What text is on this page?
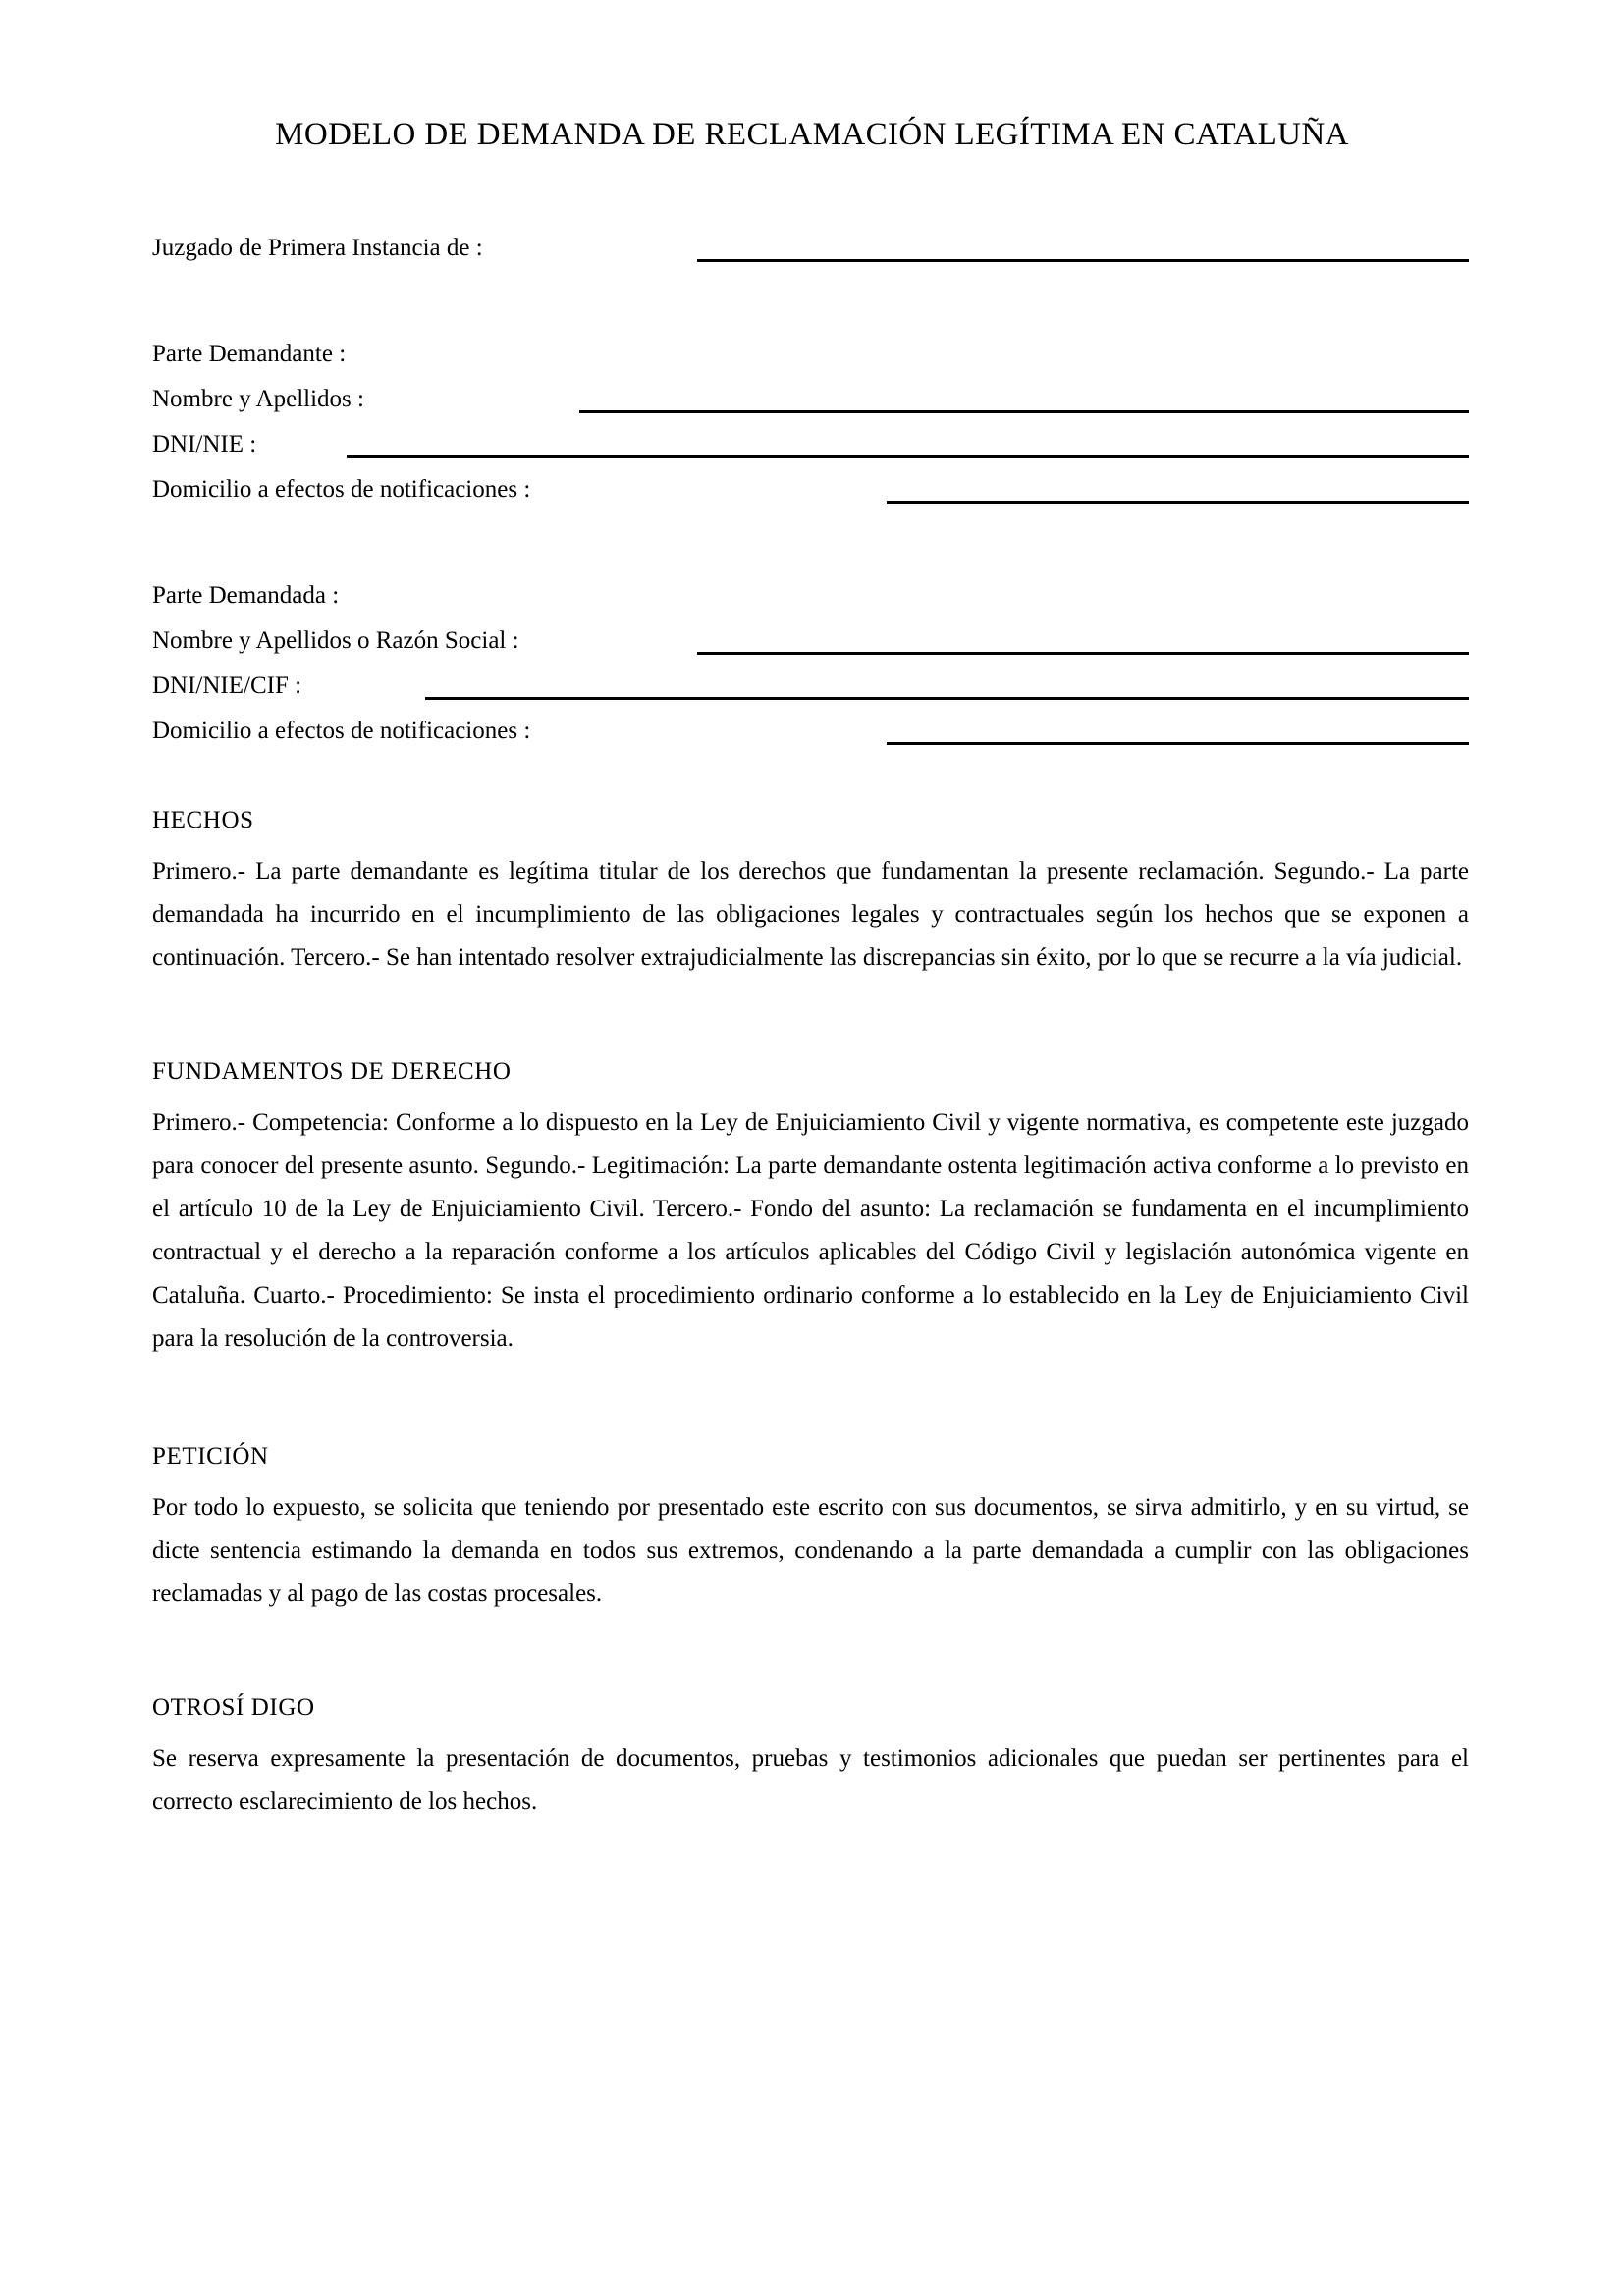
MODELO DE DEMANDA DE RECLAMACIÓN LEGÍTIMA EN CATALUÑA
Juzgado de Primera Instancia de :
Parte Demandante :
Nombre y Apellidos :
DNI/NIE :
Domicilio a efectos de notificaciones :
Parte Demandada :
Nombre y Apellidos o Razón Social :
DNI/NIE/CIF :
Domicilio a efectos de notificaciones :
HECHOS

Primero.- La parte demandante es legítima titular de los derechos que fundamentan la presente reclamación. Segundo.- La parte demandada ha incurrido en el incumplimiento de las obligaciones legales y contractuales según los hechos que se exponen a continuación. Tercero.- Se han intentado resolver extrajudicialmente las discrepancias sin éxito, por lo que se recurre a la vía judicial.

FUNDAMENTOS DE DERECHO

Primero.- Competencia: Conforme a lo dispuesto en la Ley de Enjuiciamiento Civil y vigente normativa, es competente este juzgado para conocer del presente asunto. Segundo.- Legitimación: La parte demandante ostenta legitimación activa conforme a lo previsto en el artículo 10 de la Ley de Enjuiciamiento Civil. Tercero.- Fondo del asunto: La reclamación se fundamenta en el incumplimiento contractual y el derecho a la reparación conforme a los artículos aplicables del Código Civil y legislación autonómica vigente en Cataluña. Cuarto.- Procedimiento: Se insta el procedimiento ordinario conforme a lo establecido en la Ley de Enjuiciamiento Civil para la resolución de la controversia.

PETICIÓN

Por todo lo expuesto, se solicita que teniendo por presentado este escrito con sus documentos, se sirva admitirlo, y en su virtud, se dicte sentencia estimando la demanda en todos sus extremos, condenando a la parte demandada a cumplir con las obligaciones reclamadas y al pago de las costas procesales.

OTROSÍ DIGO

Se reserva expresamente la presentación de documentos, pruebas y testimonios adicionales que puedan ser pertinentes para el correcto esclarecimiento de los hechos.
